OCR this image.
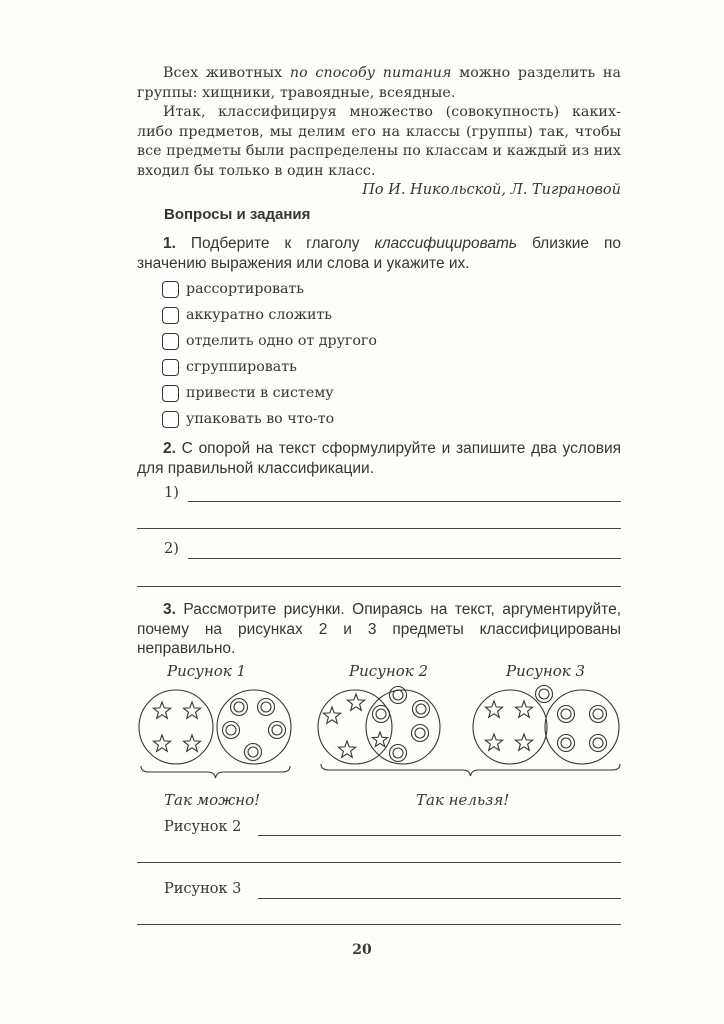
Всех животных по способу питания можно разделить на группы: хищники, травоядные, всеядные.
Итак, классифицируя множество (совокупность) каких-либо предметов, мы делим его на классы (группы) так, чтобы все предметы были распределены по классам и каждый из них входил бы только в один класс.
По И. Никольской, Л. Тиграновой
Вопросы и задания
1. Подберите к глаголу классифицировать близкие по значению выражения или слова и укажите их.
рассортировать
аккуратно сложить
отделить одно от другого
сгруппировать
привести в систему
упаковать во что-то
2. С опорой на текст сформулируйте и запишите два условия для правильной классификации.
1)
2)
3. Рассмотрите рисунки. Опираясь на текст, аргументируйте, почему на рисунках 2 и 3 предметы классифицированы неправильно.
Рисунок 1	Рисунок 2	Рисунок 3
Так можно!	Так нельзя!
Рисунок 2
Рисунок 3
20
